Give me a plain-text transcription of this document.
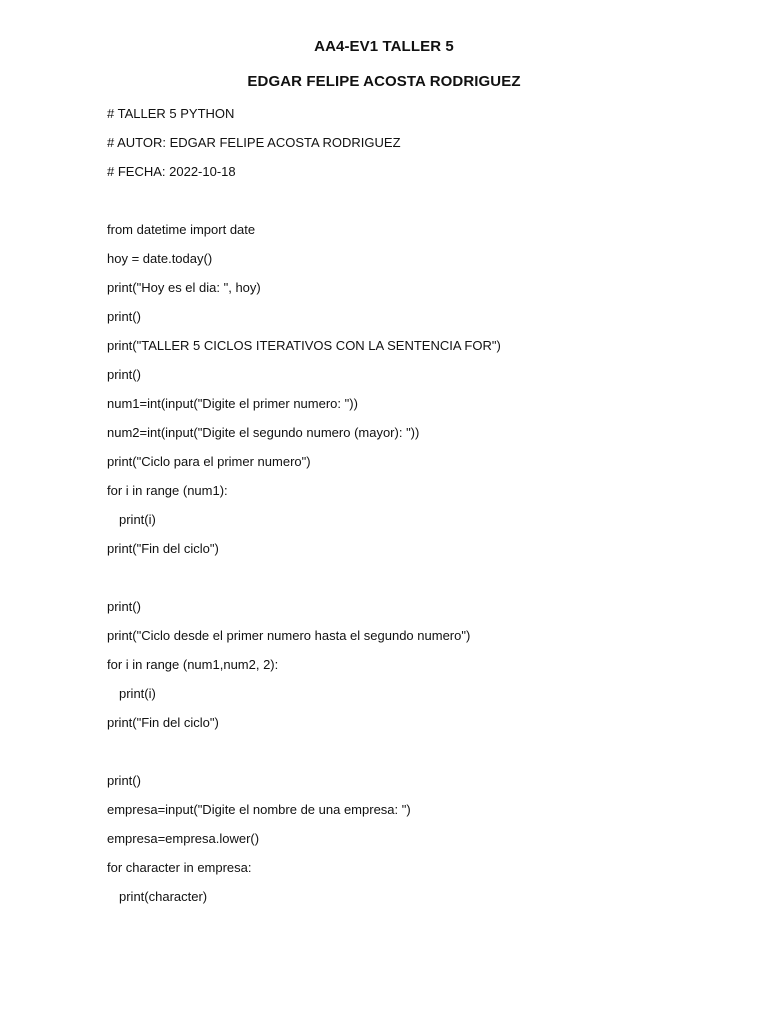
AA4-EV1 TALLER 5
EDGAR FELIPE ACOSTA RODRIGUEZ
# TALLER 5 PYTHON
# AUTOR: EDGAR FELIPE ACOSTA RODRIGUEZ
# FECHA: 2022-10-18
from datetime import date
hoy = date.today()
print("Hoy es el dia: ", hoy)
print()
print("TALLER 5 CICLOS ITERATIVOS CON LA SENTENCIA FOR")
print()
num1=int(input("Digite el primer numero: "))
num2=int(input("Digite el segundo numero (mayor): "))
print("Ciclo para el primer numero")
for i in range (num1):
print(i)
print("Fin del ciclo")
print()
print("Ciclo desde el primer numero hasta el segundo numero")
for i in range (num1,num2, 2):
print(i)
print("Fin del ciclo")
print()
empresa=input("Digite el nombre de una empresa: ")
empresa=empresa.lower()
for character in empresa:
print(character)
